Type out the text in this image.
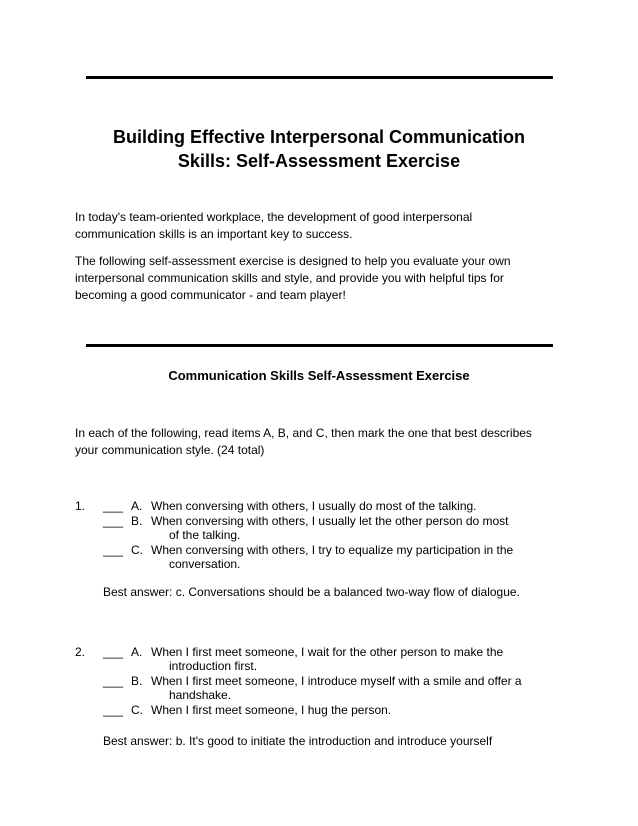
Building Effective Interpersonal Communication
Skills: Self-Assessment Exercise
In today's team-oriented workplace, the development of good interpersonal
communication skills is an important key to success.
The following self-assessment exercise is designed to help you evaluate your own
interpersonal communication skills and style, and provide you with helpful tips for
becoming a good communicator - and team player!
Communication Skills Self-Assessment Exercise
In each of the following, read items A, B, and C, then mark the one that best describes
your communication style. (24 total)
1. ___ A. When conversing with others, I usually do most of the talking.
___ B. When conversing with others, I usually let the other person do most
of the talking.
___ C. When conversing with others, I try to equalize my participation in the
conversation.
Best answer: c. Conversations should be a balanced two-way flow of dialogue.
2. ___ A. When I first meet someone, I wait for the other person to make the
introduction first.
___ B. When I first meet someone, I introduce myself with a smile and offer a
handshake.
___ C. When I first meet someone, I hug the person.
Best answer: b. It's good to initiate the introduction and introduce yourself
